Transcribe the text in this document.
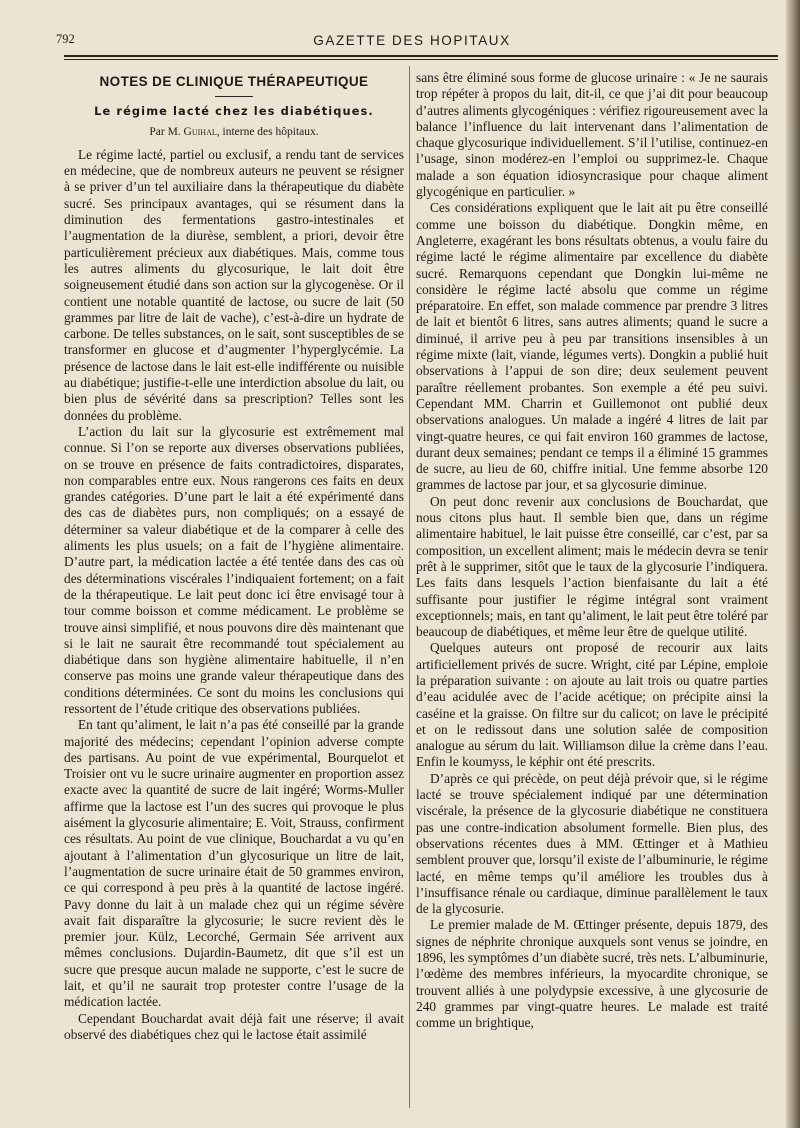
792	GAZETTE DES HOPITAUX
NOTES DE CLINIQUE THÉRAPEUTIQUE
Le régime lacté chez les diabétiques.
Par M. Guihal, interne des hôpitaux.

Le régime lacté, partiel ou exclusif, a rendu tant de services en médecine, que de nombreux auteurs ne peuvent se résigner à se priver d’un tel auxiliaire dans la thérapeutique du diabète sucré. Ses principaux avantages, qui se résument dans la diminution des fermentations gastro-intestinales et l’augmentation de la diurèse, semblent, a priori, devoir être particulièrement précieux aux diabétiques. Mais, comme tous les autres aliments du glycosurique, le lait doit être soigneusement étudié dans son action sur la glycogenèse. Or il contient une notable quantité de lactose, ou sucre de lait (50 grammes par litre de lait de vache), c’est-à-dire un hydrate de carbone. De telles substances, on le sait, sont susceptibles de se transformer en glucose et d’augmenter l’hyperglycémie. La présence de lactose dans le lait est-elle indifférente ou nuisible au diabétique; justifie-t-elle une interdiction absolue du lait, ou bien plus de sévérité dans sa prescription? Telles sont les données du problème.

L’action du lait sur la glycosurie est extrêmement mal connue. Si l’on se reporte aux diverses observations publiées, on se trouve en présence de faits contradictoires, disparates, non comparables entre eux. Nous rangerons ces faits en deux grandes catégories. D’une part le lait a été expérimenté dans des cas de diabètes purs, non compliqués; on a essayé de déterminer sa valeur diabétique et de la comparer à celle des aliments les plus usuels; on a fait de l’hygiène alimentaire. D’autre part, la médication lactée a été tentée dans des cas où des déterminations viscérales l’indiquaient fortement; on a fait de la thérapeutique. Le lait peut donc ici être envisagé tour à tour comme boisson et comme médicament. Le problème se trouve ainsi simplifié, et nous pouvons dire dès maintenant que si le lait ne saurait être recommandé tout spécialement au diabétique dans son hygiène alimentaire habituelle, il n’en conserve pas moins une grande valeur thérapeutique dans des conditions déterminées. Ce sont du moins les conclusions qui ressortent de l’étude critique des observations publiées.

En tant qu’aliment, le lait n’a pas été conseillé par la grande majorité des médecins; cependant l’opinion adverse compte des partisans. Au point de vue expérimental, Bourquelot et Troisier ont vu le sucre urinaire augmenter en proportion assez exacte avec la quantité de sucre de lait ingéré; Worms-Muller affirme que la lactose est l’un des sucres qui provoque le plus aisément la glycosurie alimentaire; E. Voit, Strauss, confirment ces résultats. Au point de vue clinique, Bouchardat a vu qu’en ajoutant à l’alimentation d’un glycosurique un litre de lait, l’augmentation de sucre urinaire était de 50 grammes environ, ce qui correspond à peu près à la quantité de lactose ingéré. Pavy donne du lait à un malade chez qui un régime sévère avait fait disparaître la glycosurie; le sucre revient dès le premier jour. Külz, Lecorché, Germain Sée arrivent aux mêmes conclusions. Dujardin-Baumetz, dit que s’il est un sucre que presque aucun malade ne supporte, c’est le sucre de lait, et qu’il ne saurait trop protester contre l’usage de la médication lactée.

Cependant Bouchardat avait déjà fait une réserve; il avait observé des diabétiques chez qui le lactose était assimilé

sans être éliminé sous forme de glucose urinaire : « Je ne saurais trop répéter à propos du lait, dit-il, ce que j’ai dit pour beaucoup d’autres aliments glycogéniques : vérifiez rigoureusement avec la balance l’influence du lait intervenant dans l’alimentation de chaque glycosurique individuellement. S’il l’utilise, continuez-en l’usage, sinon modérez-en l’emploi ou supprimez-le. Chaque malade a son équation idiosyncrasique pour chaque aliment glycogénique en particulier. »

Ces considérations expliquent que le lait ait pu être conseillé comme une boisson du diabétique. Dongkin même, en Angleterre, exagérant les bons résultats obtenus, a voulu faire du régime lacté le régime alimentaire par excellence du diabète sucré. Remarquons cependant que Dongkin lui-même ne considère le régime lacté absolu que comme un régime préparatoire. En effet, son malade commence par prendre 3 litres de lait et bientôt 6 litres, sans autres aliments; quand le sucre a diminué, il arrive peu à peu par transitions insensibles à un régime mixte (lait, viande, légumes verts). Dongkin a publié huit observations à l’appui de son dire; deux seulement peuvent paraître réellement probantes. Son exemple a été peu suivi. Cependant MM. Charrin et Guillemonot ont publié deux observations analogues. Un malade a ingéré 4 litres de lait par vingt-quatre heures, ce qui fait environ 160 grammes de lactose, durant deux semaines; pendant ce temps il a éliminé 15 grammes de sucre, au lieu de 60, chiffre initial. Une femme absorbe 120 grammes de lactose par jour, et sa glycosurie diminue.

On peut donc revenir aux conclusions de Bouchardat, que nous citons plus haut. Il semble bien que, dans un régime alimentaire habituel, le lait puisse être conseillé, car c’est, par sa composition, un excellent aliment; mais le médecin devra se tenir prêt à le supprimer, sitôt que le taux de la glycosurie l’indiquera. Les faits dans lesquels l’action bienfaisante du lait a été suffisante pour justifier le régime intégral sont vraiment exceptionnels; mais, en tant qu’aliment, le lait peut être toléré par beaucoup de diabétiques, et même leur être de quelque utilité.

Quelques auteurs ont proposé de recourir aux laits artificiellement privés de sucre. Wright, cité par Lépine, emploie la préparation suivante : on ajoute au lait trois ou quatre parties d’eau acidulée avec de l’acide acétique; on précipite ainsi la caséine et la graisse. On filtre sur du calicot; on lave le précipité et on le redissout dans une solution salée de composition analogue au sérum du lait. Williamson dilue la crème dans l’eau. Enfin le koumyss, le képhir ont été prescrits.

D’après ce qui précède, on peut déjà prévoir que, si le régime lacté se trouve spécialement indiqué par une détermination viscérale, la présence de la glycosurie diabétique ne constituera pas une contre-indication absolument formelle. Bien plus, des observations récentes dues à MM. Œttinger et à Mathieu semblent prouver que, lorsqu’il existe de l’albuminurie, le régime lacté, en même temps qu’il améliore les troubles dus à l’insuffisance rénale ou cardiaque, diminue parallèlement le taux de la glycosurie.

Le premier malade de M. Œttinger présente, depuis 1879, des signes de néphrite chronique auxquels sont venus se joindre, en 1896, les symptômes d’un diabète sucré, très nets. L’albuminurie, l’œdème des membres inférieurs, la myocardite chronique, se trouvent alliés à une polydypsie excessive, à une glycosurie de 240 grammes par vingt-quatre heures. Le malade est traité comme un brightique,
